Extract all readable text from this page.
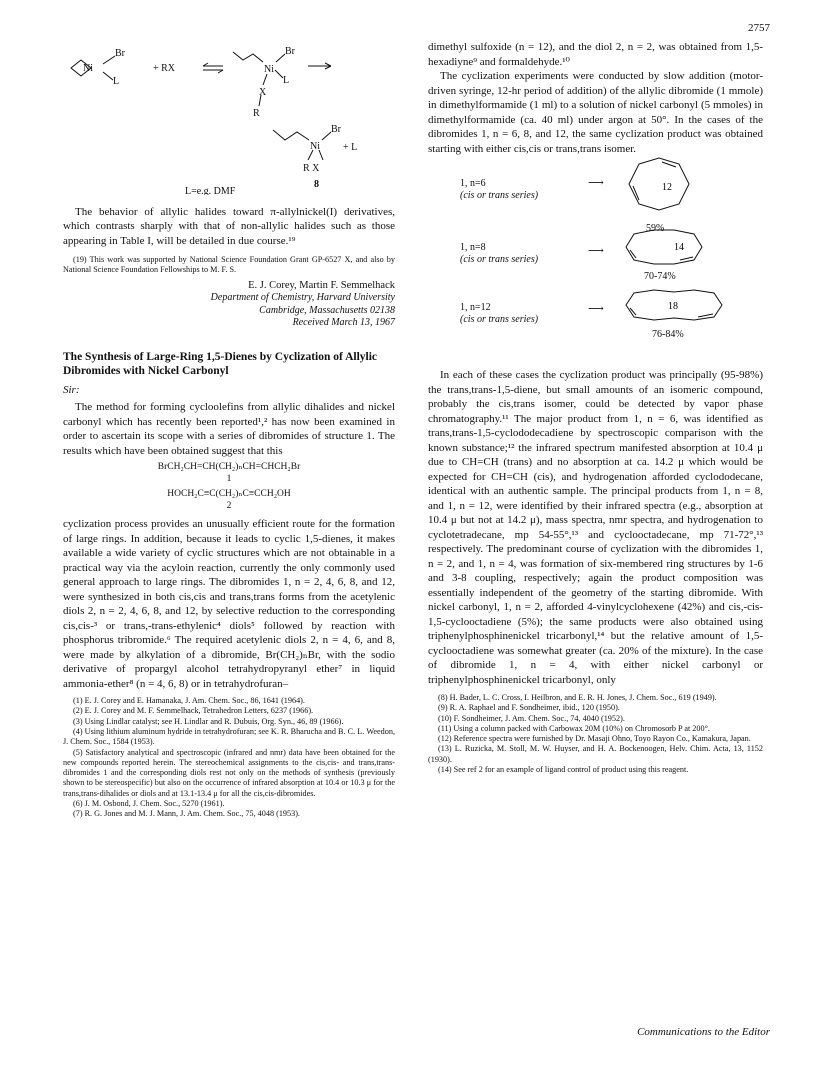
2757
Ni
Br
L
+ RX	Ni
Br
L
X
R
Ni
Br
+ L
R X
8
L=e.g. DMF

The behavior of allylic halides toward π-allylnickel(I) derivatives, which contrasts sharply with that of non-allylic halides such as those appearing in Table I, will be detailed in due course.¹⁹

(19) This work was supported by National Science Foundation Grant GP-6527 X, and also by National Science Foundation Fellowships to M. F. S.

E. J. Corey, Martin F. Semmelhack
Department of Chemistry, Harvard University
Cambridge, Massachusetts 02138
Received March 13, 1967
The Synthesis of Large-Ring 1,5-Dienes by Cyclization of Allylic Dibromides with Nickel Carbonyl
Sir:

The method for forming cycloolefins from allylic dihalides and nickel carbonyl which has recently been reported¹,² has now been examined in order to ascertain its scope with a series of dibromides of structure 1. The results which have been obtained suggest that this

BrCH₂CH=CH(CH₂)ₙCH=CHCH₂Br
1
HOCH₂C≡C(CH₂)ₙC≡CCH₂OH
2

cyclization process provides an unusually efficient route for the formation of large rings. In addition, because it leads to cyclic 1,5-dienes, it makes available a wide variety of cyclic structures which are not obtainable in a practical way via the acyloin reaction, currently the only commonly used general approach to large rings. The dibromides 1, n = 2, 4, 6, 8, and 12, were synthesized in both cis,cis and trans,trans forms from the acetylenic diols 2, n = 2, 4, 6, 8, and 12, by selective reduction to the corresponding cis,cis-³ or trans,-trans-ethylenic⁴ diols⁵ followed by reaction with phosphorus tribromide.⁶ The required acetylenic diols 2, n = 4, 6, and 8, were made by alkylation of a dibromide, Br(CH₂)ₙBr, with the sodio derivative of propargyl alcohol tetrahydropyranyl ether⁷ in liquid ammonia-ether⁸ (n = 4, 6, 8) or in tetrahydrofuran–

(1) E. J. Corey and E. Hamanaka, J. Am. Chem. Soc., 86, 1641 (1964).

(2) E. J. Corey and M. F. Semmelhack, Tetrahedron Letters, 6237 (1966).

(3) Using Lindlar catalyst; see H. Lindlar and R. Dubuis, Org. Syn., 46, 89 (1966).

(4) Using lithium aluminum hydride in tetrahydrofuran; see K. R. Bharucha and B. C. L. Weedon, J. Chem. Soc., 1584 (1953).

(5) Satisfactory analytical and spectroscopic (infrared and nmr) data have been obtained for the new compounds reported herein. The stereochemical assignments to the cis,cis- and trans,trans-dibromides 1 and the corresponding diols rest not only on the methods of synthesis (previously shown to be stereospecific) but also on the occurrence of infrared absorption at 10.4 or 10.3 μ for the trans,trans-dihalides or diols and at 13.1-13.4 μ for all the cis,cis-dibromides.

(6) J. M. Osbond, J. Chem. Soc., 5270 (1961).

(7) R. G. Jones and M. J. Mann, J. Am. Chem. Soc., 75, 4048 (1953).

dimethyl sulfoxide (n = 12), and the diol 2, n = 2, was obtained from 1,5-hexadiyne⁹ and formaldehyde.¹⁰

The cyclization experiments were conducted by slow addition (motor-driven syringe, 12-hr period of addition) of the allylic dibromide (1 mmole) in dimethylformamide (1 ml) to a solution of nickel carbonyl (5 mmoles) in dimethylformamide (ca. 40 ml) under argon at 50°. In the cases of the dibromides 1, n = 6, 8, and 12, the same cyclization product was obtained starting with either cis,cis or trans,trans isomer.

1, n=6
(cis or trans series)
⟶	12
59%
1, n=8
(cis or trans series)
⟶	14
70-74%
1, n=12
(cis or trans series)
⟶	18
76-84%

In each of these cases the cyclization product was principally (95-98%) the trans,trans-1,5-diene, but small amounts of an isomeric compound, probably the cis,trans isomer, could be detected by vapor phase chromatography.¹¹ The major product from 1, n = 6, was identified as trans,trans-1,5-cyclododecadiene by spectroscopic comparison with the known substance;¹² the infrared spectrum manifested absorption at 10.4 μ due to CH=CH (trans) and no absorption at ca. 14.2 μ which would be expected for CH=CH (cis), and hydrogenation afforded cyclododecane, identical with an authentic sample. The principal products from 1, n = 8, and 1, n = 12, were identified by their infrared spectra (e.g., absorption at 10.4 μ but not at 14.2 μ), mass spectra, nmr spectra, and hydrogenation to cyclotetradecane, mp 54-55°,¹³ and cyclooctadecane, mp 71-72°,¹³ respectively. The predominant course of cyclization with the dibromides 1, n = 2, and 1, n = 4, was formation of six-membered ring structures by 1-6 and 3-8 coupling, respectively; again the product composition was essentially independent of the geometry of the starting dibromide. With nickel carbonyl, 1, n = 2, afforded 4-vinylcyclohexene (42%) and cis,-cis-1,5-cyclooctadiene (5%); the same products were also obtained using triphenylphosphinenickel tricarbonyl,¹⁴ but the relative amount of 1,5-cyclooctadiene was somewhat greater (ca. 20% of the mixture). In the case of dibromide 1, n = 4, with either nickel carbonyl or triphenylphosphinenickel tricarbonyl, only

(8) H. Bader, L. C. Cross, I. Heilbron, and E. R. H. Jones, J. Chem. Soc., 619 (1949).

(9) R. A. Raphael and F. Sondheimer, ibid., 120 (1950).

(10) F. Sondheimer, J. Am. Chem. Soc., 74, 4040 (1952).

(11) Using a column packed with Carbowax 20M (10%) on Chromosorb P at 200°.

(12) Reference spectra were furnished by Dr. Masaji Ohno, Toyo Rayon Co., Kamakura, Japan.

(13) L. Ruzicka, M. Stoll, M. W. Huyser, and H. A. Bockenoogen, Helv. Chim. Acta, 13, 1152 (1930).

(14) See ref 2 for an example of ligand control of product using this reagent.

Communications to the Editor
